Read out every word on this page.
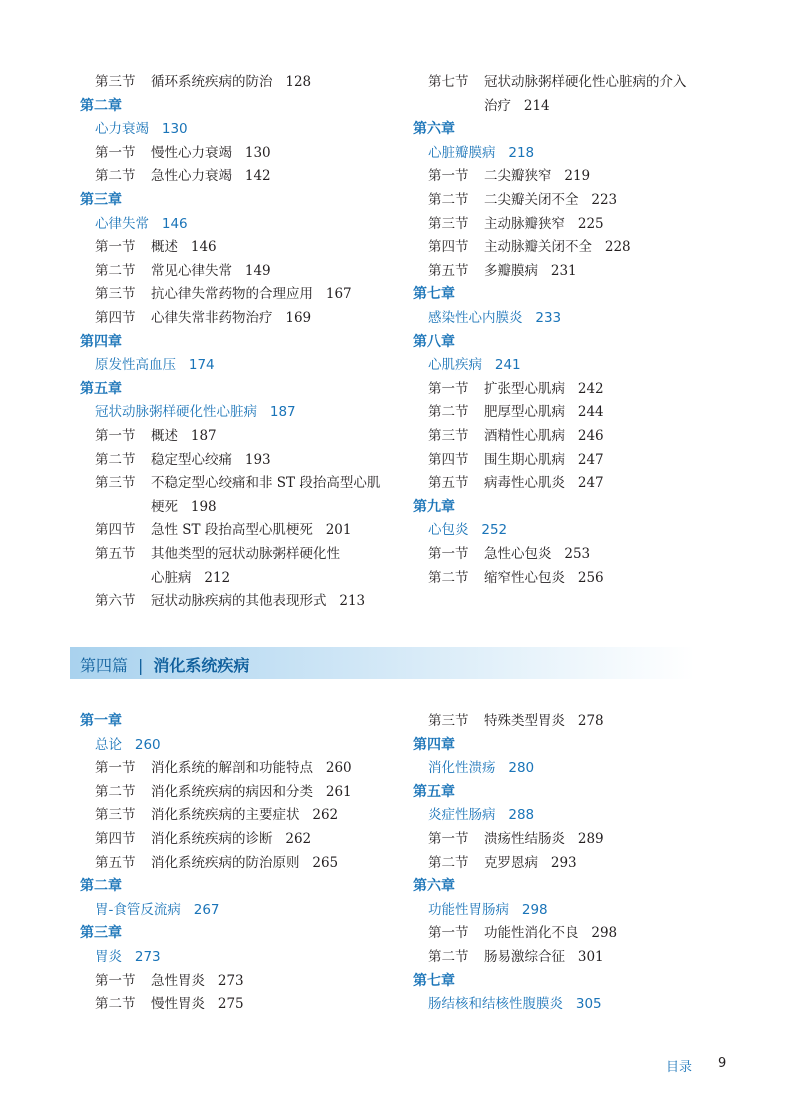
第三节 循环系统疾病的防治 128
第二章
心力衰竭 130
第一节 慢性心力衰竭 130
第二节 急性心力衰竭 142
第三章
心律失常 146
第一节 概述 146
第二节 常见心律失常 149
第三节 抗心律失常药物的合理应用 167
第四节 心律失常非药物治疗 169
第四章
原发性高血压 174
第五章
冠状动脉粥样硬化性心脏病 187
第一节 概述 187
第二节 稳定型心绞痛 193
第三节 不稳定型心绞痛和非 ST 段抬高型心肌
梗死 198
第四节 急性 ST 段抬高型心肌梗死 201
第五节 其他类型的冠状动脉粥样硬化性
心脏病 212
第六节 冠状动脉疾病的其他表现形式 213
第七节 冠状动脉粥样硬化性心脏病的介入
治疗 214
第六章
心脏瓣膜病 218
第一节 二尖瓣狭窄 219
第二节 二尖瓣关闭不全 223
第三节 主动脉瓣狭窄 225
第四节 主动脉瓣关闭不全 228
第五节 多瓣膜病 231
第七章
感染性心内膜炎 233
第八章
心肌疾病 241
第一节 扩张型心肌病 242
第二节 肥厚型心肌病 244
第三节 酒精性心肌病 246
第四节 围生期心肌病 247
第五节 病毒性心肌炎 247
第九章
心包炎 252
第一节 急性心包炎 253
第二节 缩窄性心包炎 256
第四篇 | 消化系统疾病
第一章
总论 260
第一节 消化系统的解剖和功能特点 260
第二节 消化系统疾病的病因和分类 261
第三节 消化系统疾病的主要症状 262
第四节 消化系统疾病的诊断 262
第五节 消化系统疾病的防治原则 265
第二章
胃-食管反流病 267
第三章
胃炎 273
第一节 急性胃炎 273
第二节 慢性胃炎 275
第三节 特殊类型胃炎 278
第四章
消化性溃疡 280
第五章
炎症性肠病 288
第一节 溃疡性结肠炎 289
第二节 克罗恩病 293
第六章
功能性胃肠病 298
第一节 功能性消化不良 298
第二节 肠易激综合征 301
第七章
肠结核和结核性腹膜炎 305
目录 9
